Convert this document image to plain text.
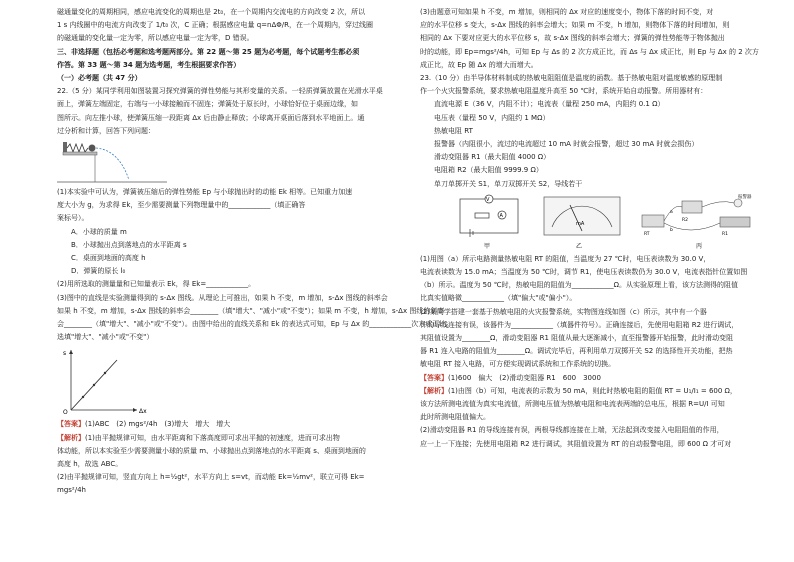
磁通量变化的周期相同，感应电流变化的周期也是 2t₀，在一个周期内交流电的方向改变 2 次，所以
1 s 内线圈中的电流方向改变了 1/t₀ 次，C 正确；根据感应电量 q=nΔΦ/R，在一个周期内，穿过线圈
的磁通量的变化量一定为零，所以感应电量一定为零，D 错误。
三、非选择题（包括必考题和选考题两部分。第 22 题～第 25 题为必考题，每个试题考生都必须
作答。第 33 题～第 34 题为选考题，考生根据要求作答）
（一）必考题（共 47 分）
22.（5 分）某同学利用如图装置习探究弹簧的弹性势能与其形变量的关系。一轻质弹簧放置在光滑水平桌
面上，弹簧左端固定，右端与一小球接触而不固连；弹簧处于原长时，小球恰好位于桌面边缘，如
图所示。向左推小球，使弹簧压缩一段距离 Δx 后由静止释放；小球离开桌面后落到水平地面上。通
过分析和计算，回答下列问题：
(1)本实验中可认为，弹簧被压缩后的弹性势能 Ep 与小球抛出时的动能 Ek 相等。已知重力加速
度大小为 g，为求得 Ek，至少需要测量下列物理量中的____________（填正确答
案标号）。
A．小球的质量 m
B．小球抛出点到落地点的水平距离 s
C．桌面到地面的高度 h
D．弹簧的原长 l₀
(2)用所选取的测量量和已知量表示 Ek，得 Ek=____________。
(3)图中的直线是实验测量得到的 s-Δx 图线。从理论上可推出，如果 h 不变，m 增加，s-Δx 图线的斜率会
如果 h 不变，m 增加，s-Δx 图线的斜率会________（填"增大"、"减小"或"不变"）；如果 m 不变，h 增加，s-Δx 图线的斜率
会________（填"增大"、"减小"或"不变"）。由图中给出的直线关系和 Ek 的表达式可知，Ep 与 Δx 的____________次方成正比。
选填"增大"、"减小"或"不变"）
O	Δx
s
【答案】(1)ABC　(2) mgs²/4h　(3)增大　增大　增大
【解析】(1)由平抛规律可知，由水平距离和下落高度即可求出平抛的初速度，进而可求出物
体动能，所以本实验至少需要测量小球的质量 m、小球抛出点到落地点的水平距离 s、桌面到地面的
高度 h，故选 ABC。
(2)由平抛规律可知，竖直方向上 h=½gt²，水平方向上 s=vt，而动能 Ek=½mv²，联立可得 Ek=
mgs²/4h
(3)由题意可知如果 h 不变，m 增加，则相同的 Δx 对应的速度变小，物体下落的时间不变，对
应的水平位移 s 变大，s-Δx 图线的斜率会增大；如果 m 不变，h 增加，则物体下落的时间增加，则
相同的 Δx 下要对应更大的水平位移 s，故 s-Δx 图线的斜率会增大；弹簧的弹性势能等于物体抛出
时的动能，即 Ep=mgs²/4h，可知 Ep 与 Δs 的 2 次方成正比，而 Δs 与 Δx 成正比，则 Ep 与 Δx 的 2 次方
成正比，故 Ep 随 Δx 的增大而增大。
23.（10 分）由半导体材料制成的热敏电阻阻值是温度的函数。基于热敏电阻对温度敏感的原理制
作一个火灾报警系统，要求热敏电阻温度升高至 50 ℃时，系统开始自动报警。所用器材有：
直流电源 E（36 V，内阻不计）；电流表（量程 250 mA，内阻约 0.1 Ω）
电压表（量程 50 V，内阻约 1 MΩ）
热敏电阻 RT
报警器（内阻很小，流过的电流超过 10 mA 时就会报警，超过 30 mA 时就会损伤）
滑动变阻器 R1（最大阻值 4000 Ω）
电阻箱 R2（最大阻值 9999.9 Ω）
单刀单掷开关 S1，单刀双掷开关 S2，导线若干
V
A
甲
mA
乙
报警器
RT
R2
R1
a
b
丙
(1)用图（a）所示电路测量热敏电阻 RT 的阻值，当温度为 27 ℃时，电压表读数为 30.0 V，
电流表读数为 15.0 mA；当温度为 50 ℃时，调节 R1，使电压表读数仍为 30.0 V，电流表指针位置如图
（b）所示。温度为 50 ℃时，热敏电阻的阻值为____________Ω。从实验原理上看，该方法测得的阻值
比真实值略微____________（填"偏大"或"偏小"）。
(2)某同学搭建一套基于热敏电阻的火灾报警系统，实物图连线如图（c）所示，其中有一个器
件的导线连接有误，该器件为____________（填器件符号）。正确连接后，先使用电阻箱 R2 进行调试，
其阻值设置为________Ω，滑动变阻器 R1 阻值从最大逐渐减小，直至报警器开始报警，此时滑动变阻
器 R1 连入电路的阻值为________Ω。调试完毕后，再利用单刀双掷开关 S2 的选择性开关功能，把热
敏电阻 RT 接入电路，可方便实现调试系统和工作系统的切换。
【答案】(1)600　偏大　(2)滑动变阻器 R1　600　3000
【解析】(1)由图（b）可知，电流表的示数为 50 mA，则此时热敏电阻的阻值 RT = U₁/I₁ = 600 Ω，
该方法所测电流值为真实电流值，所测电压值为热敏电阻和电流表两端的总电压，根据 R=U/I 可知
此时所测电阻值偏大。
(2)滑动变阻器 R1 的导线连接有误，两根导线都连接在上端，无法起到改变接入电阻阻值的作用，
应一上一下连接；先使用电阻箱 R2 进行调试，其阻值设置为 RT 的自动报警电阻，即 600 Ω 才可对
